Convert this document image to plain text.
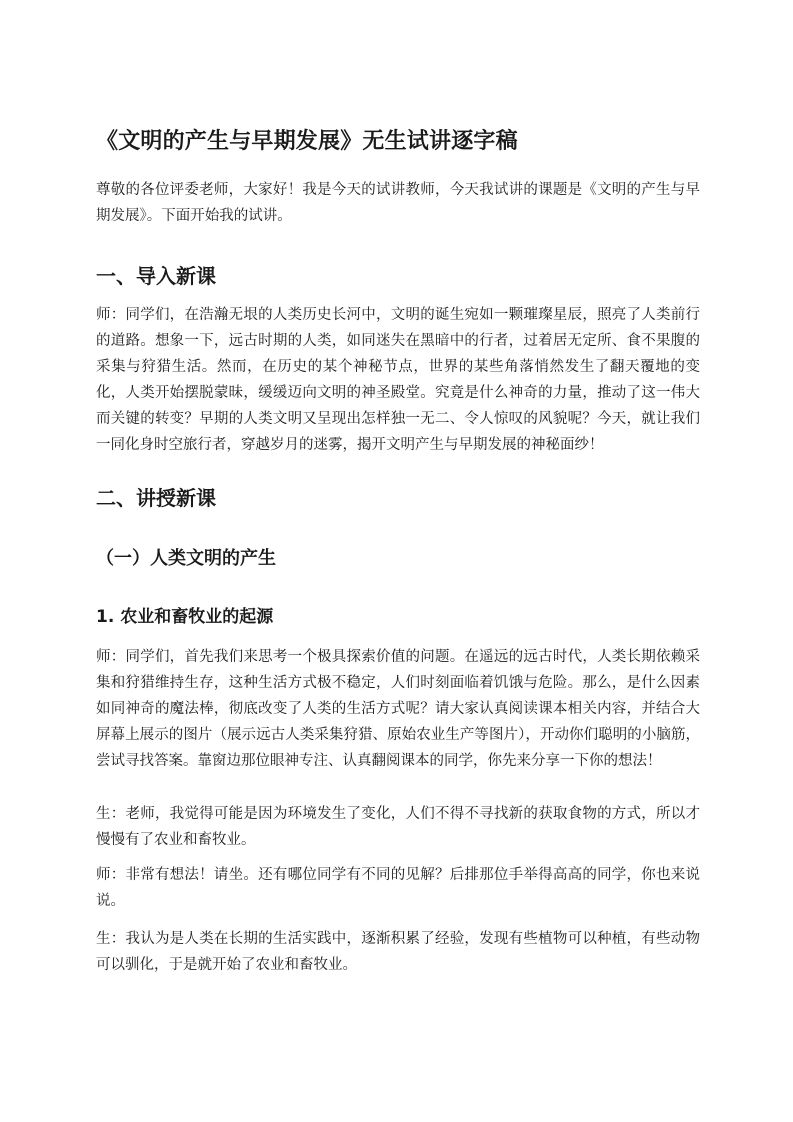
《文明的产生与早期发展》无生试讲逐字稿

尊敬的各位评委老师，大家好！我是今天的试讲教师，今天我试讲的课题是《文明的产生与早期发展》。下面开始我的试讲。

一、导入新课

师：同学们，在浩瀚无垠的人类历史长河中，文明的诞生宛如一颗璀璨星辰，照亮了人类前行的道路。想象一下，远古时期的人类，如同迷失在黑暗中的行者，过着居无定所、食不果腹的采集与狩猎生活。然而，在历史的某个神秘节点，世界的某些角落悄然发生了翻天覆地的变化，人类开始摆脱蒙昧，缓缓迈向文明的神圣殿堂。究竟是什么神奇的力量，推动了这一伟大而关键的转变？早期的人类文明又呈现出怎样独一无二、令人惊叹的风貌呢？今天，就让我们一同化身时空旅行者，穿越岁月的迷雾，揭开文明产生与早期发展的神秘面纱！

二、讲授新课
（一）人类文明的产生
1. 农业和畜牧业的起源

师：同学们，首先我们来思考一个极具探索价值的问题。在遥远的远古时代，人类长期依赖采集和狩猎维持生存，这种生活方式极不稳定，人们时刻面临着饥饿与危险。那么，是什么因素如同神奇的魔法棒，彻底改变了人类的生活方式呢？请大家认真阅读课本相关内容，并结合大屏幕上展示的图片（展示远古人类采集狩猎、原始农业生产等图片），开动你们聪明的小脑筋，尝试寻找答案。靠窗边那位眼神专注、认真翻阅课本的同学，你先来分享一下你的想法！

生：老师，我觉得可能是因为环境发生了变化，人们不得不寻找新的获取食物的方式，所以才慢慢有了农业和畜牧业。

师：非常有想法！请坐。还有哪位同学有不同的见解？后排那位手举得高高的同学，你也来说说。

生：我认为是人类在长期的生活实践中，逐渐积累了经验，发现有些植物可以种植，有些动物可以驯化，于是就开始了农业和畜牧业。
